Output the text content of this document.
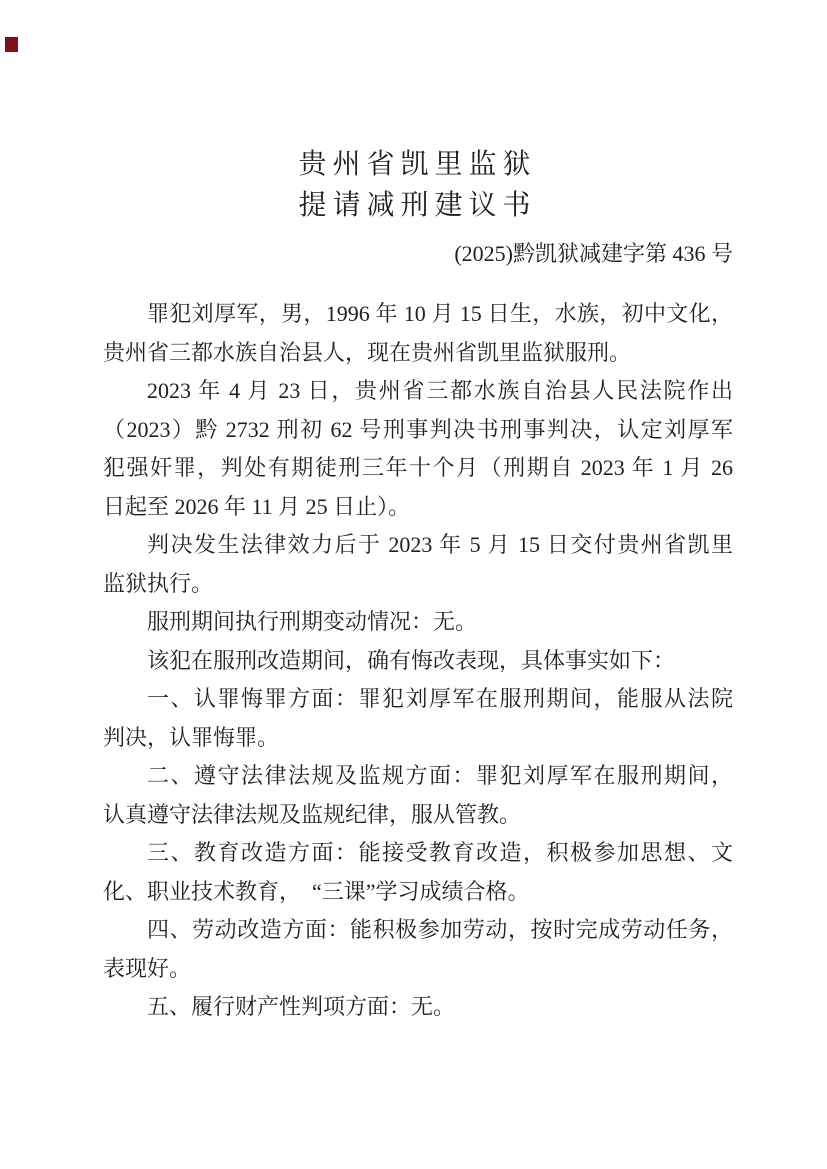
贵州省凯里监狱
提请减刑建议书
(2025)黔凯狱减建字第 436 号
罪犯刘厚军，男，1996 年 10 月 15 日生，水族，初中文化，
贵州省三都水族自治县人，现在贵州省凯里监狱服刑。
2023 年 4 月 23 日，贵州省三都水族自治县人民法院作出
（2023）黔 2732 刑初 62 号刑事判决书刑事判决，认定刘厚军
犯强奸罪，判处有期徒刑三年十个月（刑期自 2023 年 1 月 26
日起至 2026 年 11 月 25 日止）。
判决发生法律效力后于 2023 年 5 月 15 日交付贵州省凯里
监狱执行。
服刑期间执行刑期变动情况：无。
该犯在服刑改造期间，确有悔改表现，具体事实如下：
一、认罪悔罪方面：罪犯刘厚军在服刑期间，能服从法院
判决，认罪悔罪。
二、遵守法律法规及监规方面：罪犯刘厚军在服刑期间，
认真遵守法律法规及监规纪律，服从管教。
三、教育改造方面：能接受教育改造，积极参加思想、文
化、职业技术教育，　“三课”学习成绩合格。
四、劳动改造方面：能积极参加劳动，按时完成劳动任务，
表现好。
五、履行财产性判项方面：无。
